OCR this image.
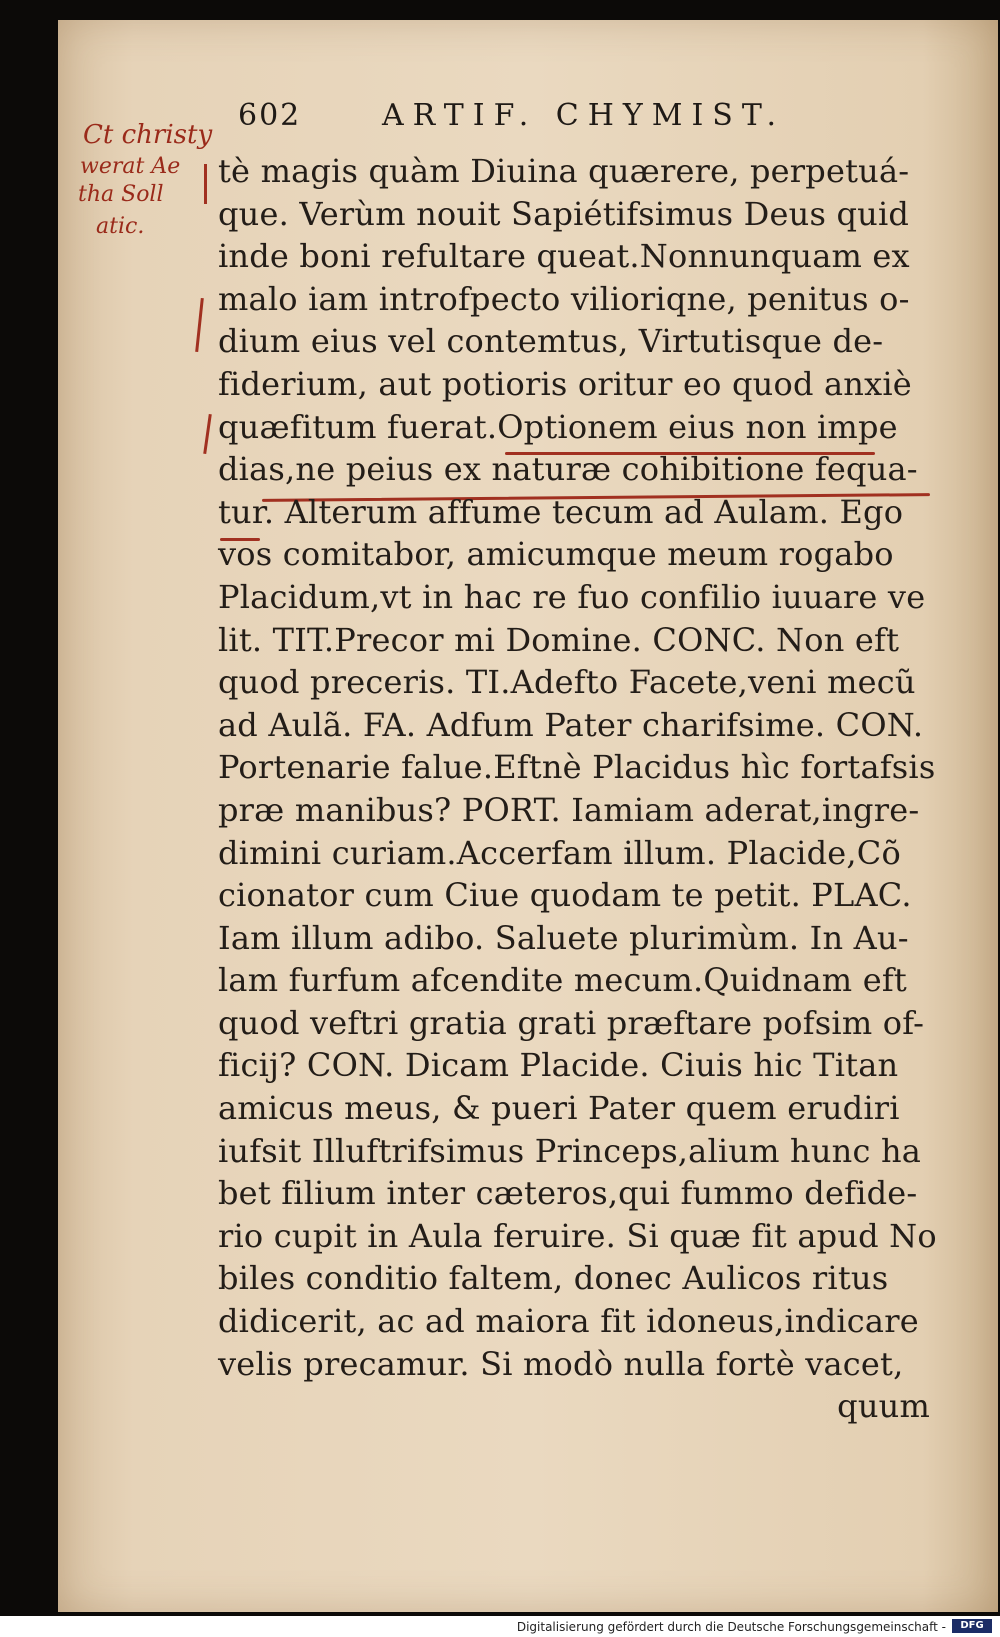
602	ARTIF. CHYMIST.
Ct christy
werat Ae
tha Soll
atic.
tè magis quàm Diuina quærere, perpetuá-
que. Verùm nouit Sapiétifsimus Deus quid
inde boni refultare queat.Nonnunquam ex
malo iam introfpecto vilioriqne, penitus o-
dium eius vel contemtus, Virtutisque de-
fiderium, aut potioris oritur eo quod anxiè
quæfitum fuerat.Optionem eius non impe
dias,ne peius ex naturæ cohibitione fequa-
tur. Alterum affume tecum ad Aulam. Ego
vos comitabor, amicumque meum rogabo
Placidum,vt in hac re fuo confilio iuuare ve
lit. TIT.Precor mi Domine. CONC. Non eft
quod preceris. TI.Adefto Facete,veni mecũ
ad Aulã. FA. Adfum Pater charifsime. CON.
Portenarie falue.Eftnè Placidus hìc fortafsis
præ manibus? PORT. Iamiam aderat,ingre-
dimini curiam.Accerfam illum. Placide,Cõ
cionator cum Ciue quodam te petit. PLAC.
Iam illum adibo. Saluete plurimùm. In Au-
lam furfum afcendite mecum.Quidnam eft
quod veftri gratia grati præftare pofsim of-
ficij? CON. Dicam Placide. Ciuis hic Titan
amicus meus, & pueri Pater quem erudiri
iufsit Illuftrifsimus Princeps,alium hunc ha
bet filium inter cæteros,qui fummo defide-
rio cupit in Aula feruire. Si quæ fit apud No
biles conditio faltem, donec Aulicos ritus
didicerit, ac ad maiora fit idoneus,indicare
velis precamur. Si modò nulla fortè vacet,
quum
Digitalisierung gefördert durch die Deutsche Forschungsgemeinschaft -	DFG
